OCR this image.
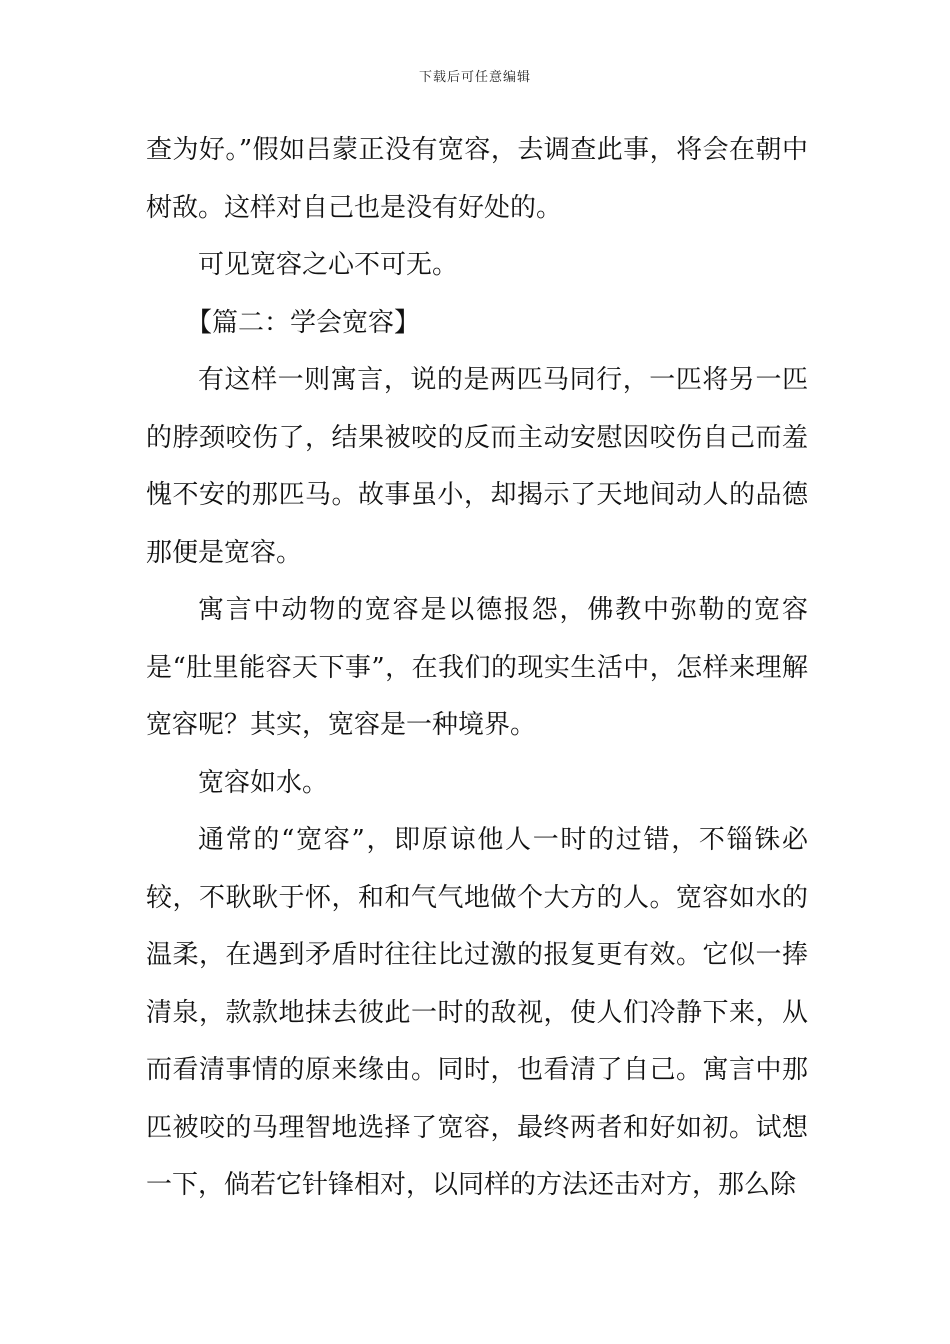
下载后可任意编辑

查为好。”假如吕蒙正没有宽容，去调查此事，将会在朝中树敌。这样对自己也是没有好处的。

可见宽容之心不可无。

【篇二：学会宽容】

有这样一则寓言，说的是两匹马同行，一匹将另一匹的脖颈咬伤了，结果被咬的反而主动安慰因咬伤自己而羞愧不安的那匹马。故事虽小，却揭示了天地间动人的品德那便是宽容。

寓言中动物的宽容是以德报怨，佛教中弥勒的宽容是“肚里能容天下事”，在我们的现实生活中，怎样来理解宽容呢？其实，宽容是一种境界。

宽容如水。

通常的“宽容”，即原谅他人一时的过错，不锱铢必较，不耿耿于怀，和和气气地做个大方的人。宽容如水的温柔，在遇到矛盾时往往比过激的报复更有效。它似一捧清泉，款款地抹去彼此一时的敌视，使人们冷静下来，从而看清事情的原来缘由。同时，也看清了自己。寓言中那匹被咬的马理智地选择了宽容，最终两者和好如初。试想一下，倘若它针锋相对，以同样的方法还击对方，那么除
